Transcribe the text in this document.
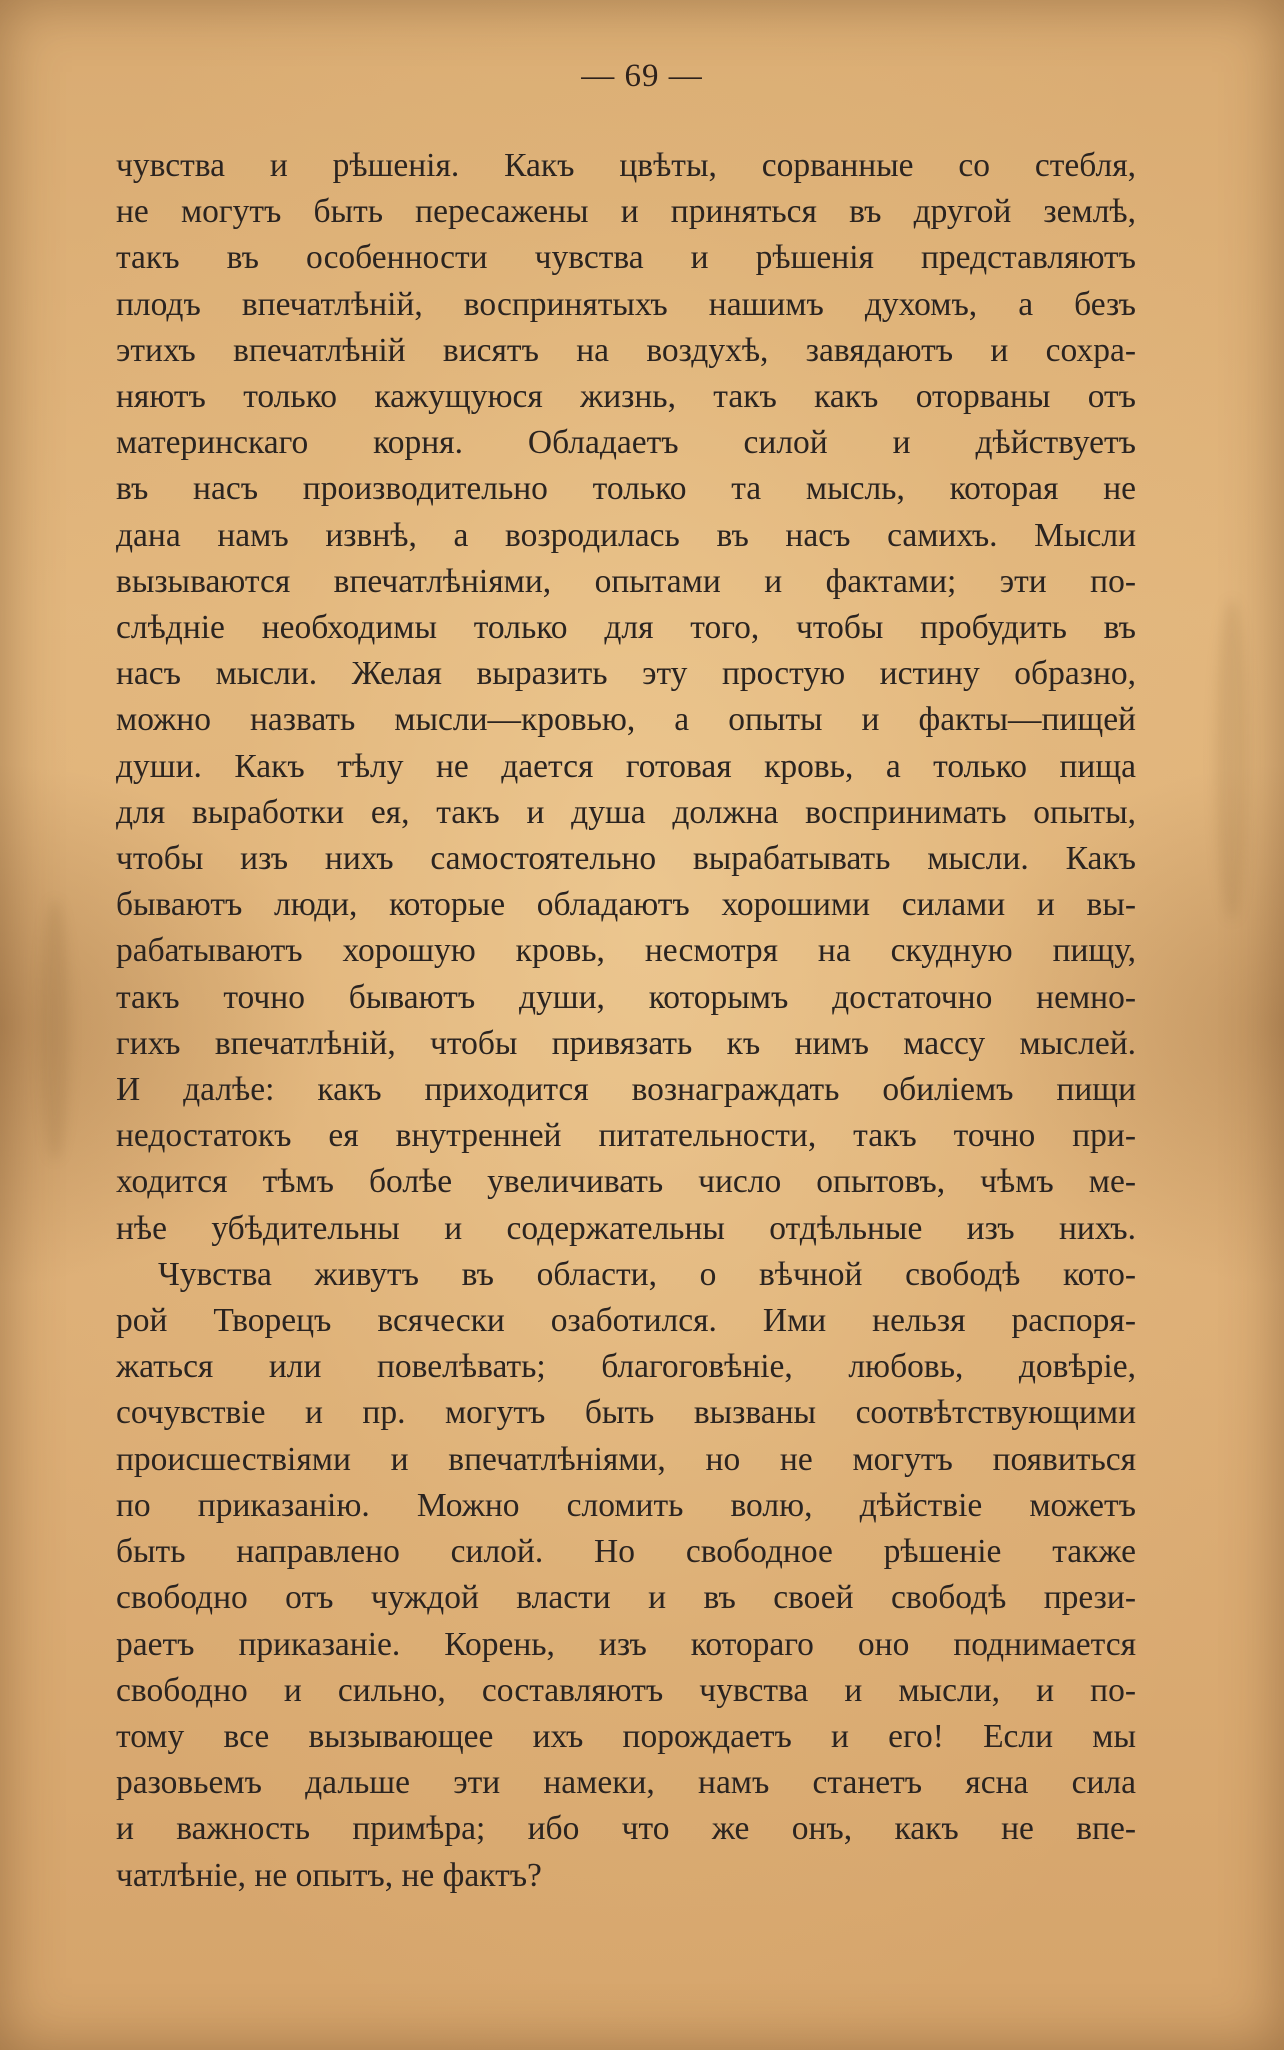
— 69 —
чувства и рѣшенія. Какъ цвѣты, сорванные со стебля,
не могутъ быть пересажены и приняться въ другой землѣ,
такъ въ особенности чувства и рѣшенія представляютъ
плодъ впечатлѣній, воспринятыхъ нашимъ духомъ, а безъ
этихъ впечатлѣній висятъ на воздухѣ, завядаютъ и сохра-
няютъ только кажущуюся жизнь, такъ какъ оторваны отъ
материнскаго корня. Обладаетъ силой и дѣйствуетъ
въ насъ производительно только та мысль, которая не
дана намъ извнѣ, а возродилась въ насъ самихъ. Мысли
вызываются впечатлѣніями, опытами и фактами; эти по-
слѣдніе необходимы только для того, чтобы пробудить въ
насъ мысли. Желая выразить эту простую истину образно,
можно назвать мысли—кровью, а опыты и факты—пищей
души. Какъ тѣлу не дается готовая кровь, а только пища
для выработки ея, такъ и душа должна воспринимать опыты,
чтобы изъ нихъ самостоятельно вырабатывать мысли. Какъ
бываютъ люди, которые обладаютъ хорошими силами и вы-
рабатываютъ хорошую кровь, несмотря на скудную пищу,
такъ точно бываютъ души, которымъ достаточно немно-
гихъ впечатлѣній, чтобы привязать къ нимъ массу мыслей.
И далѣе: какъ приходится вознаграждать обиліемъ пищи
недостатокъ ея внутренней питательности, такъ точно при-
ходится тѣмъ болѣе увеличивать число опытовъ, чѣмъ ме-
нѣе убѣдительны и содержательны отдѣльные изъ нихъ.
Чувства живутъ въ области, о вѣчной свободѣ кото-
рой Творецъ всячески озаботился. Ими нельзя распоря-
жаться или повелѣвать; благоговѣніе, любовь, довѣріе,
сочувствіе и пр. могутъ быть вызваны соотвѣтствующими
происшествіями и впечатлѣніями, но не могутъ появиться
по приказанію. Можно сломить волю, дѣйствіе можетъ
быть направлено силой. Но свободное рѣшеніе также
свободно отъ чуждой власти и въ своей свободѣ прези-
раетъ приказаніе. Корень, изъ котораго оно поднимается
свободно и сильно, составляютъ чувства и мысли, и по-
тому все вызывающее ихъ порождаетъ и его! Если мы
разовьемъ дальше эти намеки, намъ станетъ ясна сила
и важность примѣра; ибо что же онъ, какъ не впе-
чатлѣніе, не опытъ, не фактъ?
